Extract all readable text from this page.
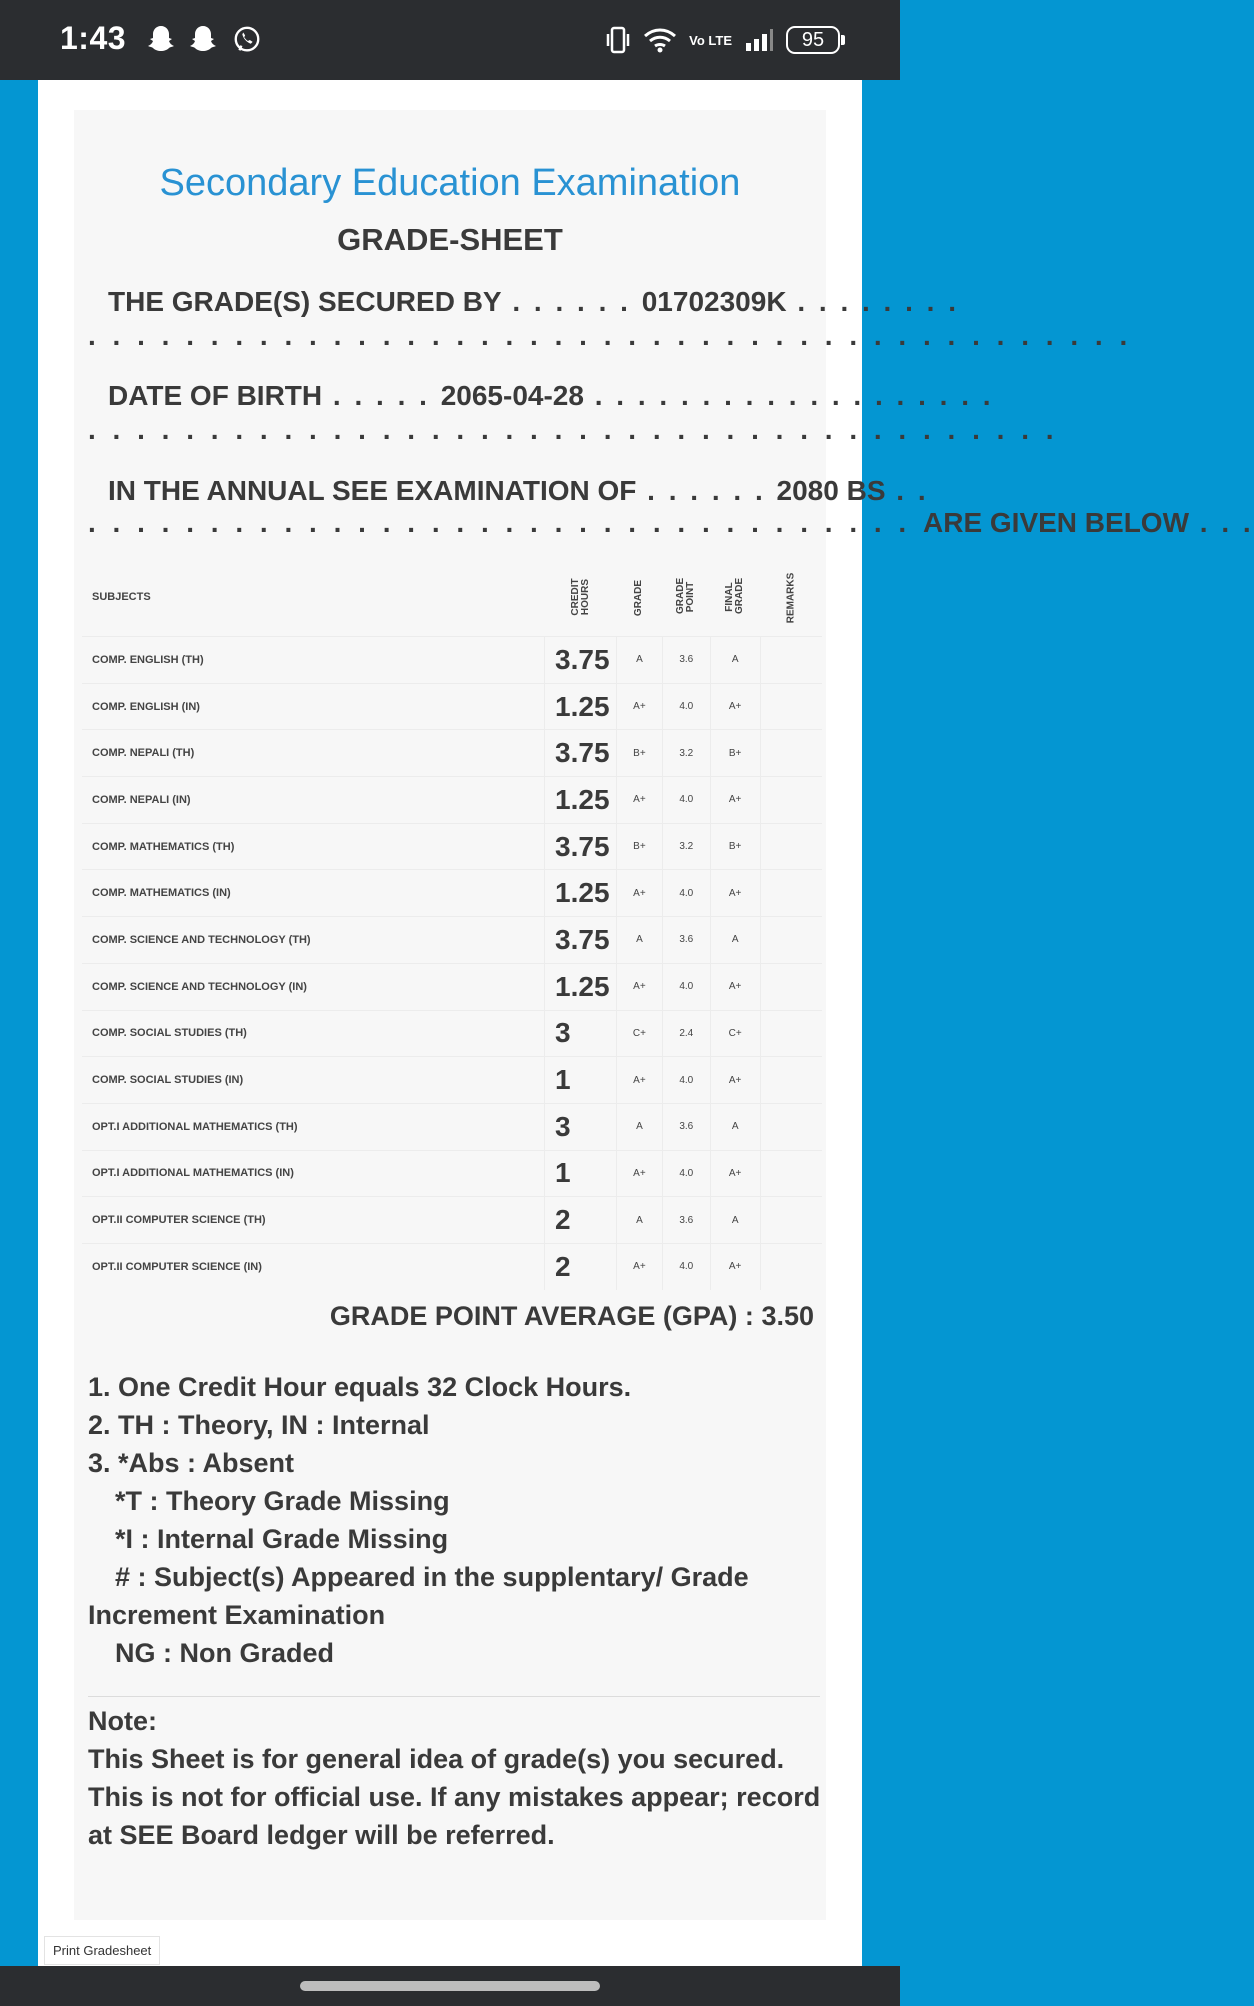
1:43	Vo LTE	95
Secondary Education Examination
GRADE-SHEET
THE GRADE(S) SECURED BY . . . . . . 01702309K . . . . . . . .
. . . . . . . . . . . . . . . . . . . . . . . . . . . . . . . . . . . . . . . . . . .
DATE OF BIRTH . . . . . 2065-04-28 . . . . . . . . . . . . . . . . . . .
. . . . . . . . . . . . . . . . . . . . . . . . . . . . . . . . . . . . . . . .
IN THE ANNUAL SEE EXAMINATION OF . . . . . . 2080 BS . .
. . . . . . . . . . . . . . . . . . . . . . . . . . . . . . . . . . ARE GIVEN BELOW . . .
SUBJECTS	CREDIT HOURS	GRADE	GRADE POINT	FINAL GRADE	REMARKS
COMP. ENGLISH (TH)	3.75	A	3.6	A	
COMP. ENGLISH (IN)	1.25	A+	4.0	A+	
COMP. NEPALI (TH)	3.75	B+	3.2	B+	
COMP. NEPALI (IN)	1.25	A+	4.0	A+	
COMP. MATHEMATICS (TH)	3.75	B+	3.2	B+	
COMP. MATHEMATICS (IN)	1.25	A+	4.0	A+	
COMP. SCIENCE AND TECHNOLOGY (TH)	3.75	A	3.6	A	
COMP. SCIENCE AND TECHNOLOGY (IN)	1.25	A+	4.0	A+	
COMP. SOCIAL STUDIES (TH)	3	C+	2.4	C+	
COMP. SOCIAL STUDIES (IN)	1	A+	4.0	A+	
OPT.I ADDITIONAL MATHEMATICS (TH)	3	A	3.6	A	
OPT.I ADDITIONAL MATHEMATICS (IN)	1	A+	4.0	A+	
OPT.II COMPUTER SCIENCE (TH)	2	A	3.6	A	
OPT.II COMPUTER SCIENCE (IN)	2	A+	4.0	A+	
GRADE POINT AVERAGE (GPA) : 3.50
1. One Credit Hour equals 32 Clock Hours.
2. TH : Theory, IN : Internal
3. *Abs : Absent
*T : Theory Grade Missing
*I : Internal Grade Missing
# : Subject(s) Appeared in the supplentary/ Grade
Increment Examination
NG : Non Graded
Note:
This Sheet is for general idea of grade(s) you secured. This is not for official use. If any mistakes appear; record at SEE Board ledger will be referred.
Print Gradesheet
